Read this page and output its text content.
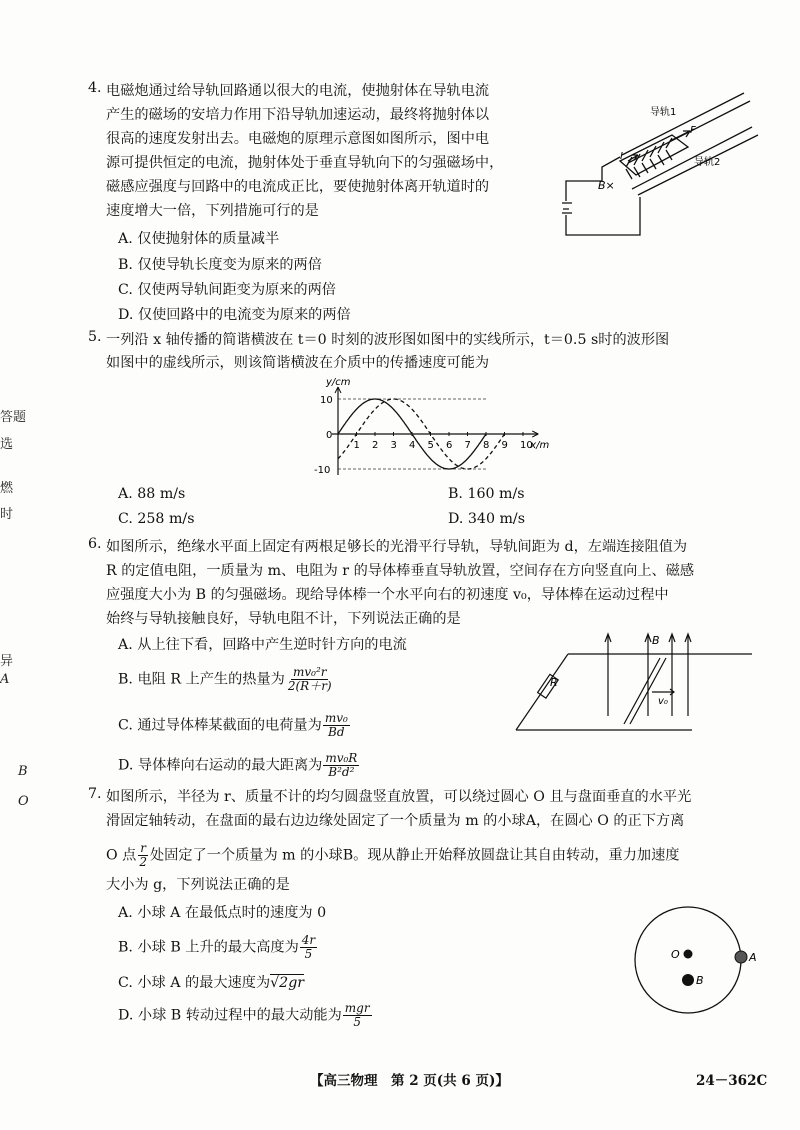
答题
选
燃
时
异
A
B
O
4. 电磁炮通过给导轨回路通以很大的电流，使抛射体在导轨电流
产生的磁场的安培力作用下沿导轨加速运动，最终将抛射体以
很高的速度发射出去。电磁炮的原理示意图如图所示，图中电
源可提供恒定的电流，抛射体处于垂直导轨向下的匀强磁场中，
磁感应强度与回路中的电流成正比，要使抛射体离开轨道时的
速度增大一倍，下列措施可行的是
A. 仅使抛射体的质量减半
B. 仅使导轨长度变为原来的两倍
C. 仅使两导轨间距变为原来的两倍
D. 仅使回路中的电流变为原来的两倍
导轨1
导轨2
F
I
B×
5. 一列沿 x 轴传播的简谐横波在 t＝0 时刻的波形图如图中的实线所示，t＝0.5 s时的波形图
如图中的虚线所示，则该简谐横波在介质中的传播速度可能为
1 2 3 4 5 6 7 8 9 10
10
0
-10
x/m
y/cm
A. 88 m/s	B. 160 m/s
C. 258 m/s	D. 340 m/s
6. 如图所示，绝缘水平面上固定有两根足够长的光滑平行导轨，导轨间距为 d，左端连接阻值为
R 的定值电阻，一质量为 m、电阻为 r 的导体棒垂直导轨放置，空间存在方向竖直向上、磁感
应强度大小为 B 的匀强磁场。现给导体棒一个水平向右的初速度 v₀，导体棒在运动过程中
始终与导轨接触良好，导轨电阻不计，下列说法正确的是
A. 从上往下看，回路中产生逆时针方向的电流
B. 电阻 R 上产生的热量为 $\frac{\text{mv₀²r}}{2(R+r)}$
C. 通过导体棒某截面的电荷量为 $\frac{\text{mv₀}}{Bd}$
D. 导体棒向右运动的最大距离为 $\frac{\text{mv₀R}}{\text{B²d²}}$
B
R
v₀
7. 如图所示，半径为 r、质量不计的均匀圆盘竖直放置，可以绕过圆心 O 且与盘面垂直的水平光
滑固定轴转动，在盘面的最右边边缘处固定了一个质量为 m 的小球A，在圆心 O 的正下方离
O 点 $\frac{r}{2}$ 处固定了一个质量为 m 的小球B。现从静止开始释放圆盘让其自由转动，重力加速度
大小为 g，下列说法正确的是
A. 小球 A 在最低点时的速度为 0
B. 小球 B 上升的最大高度为 $\frac{4r}{5}$
C. 小球 A 的最大速度为√2gr
D. 小球 B 转动过程中的最大动能为 $\frac{\text{mgr}}{5}$
O
B
A
【高三物理　第 2 页(共 6 页)】	24－362C
